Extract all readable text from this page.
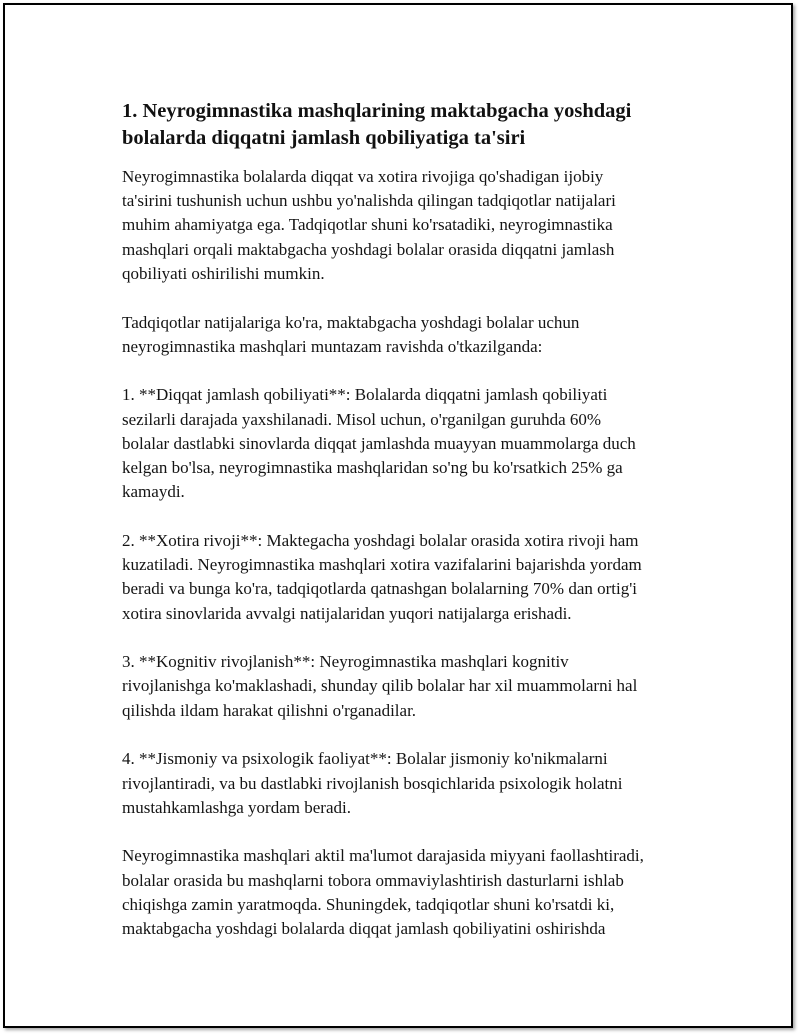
1. Neyrogimnastika mashqlarining maktabgacha yoshdagi
bolalarda diqqatni jamlash qobiliyatiga ta'siri

Neyrogimnastika bolalarda diqqat va xotira rivojiga qo'shadigan ijobiy
ta'sirini tushunish uchun ushbu yo'nalishda qilingan tadqiqotlar natijalari
muhim ahamiyatga ega. Tadqiqotlar shuni ko'rsatadiki, neyrogimnastika
mashqlari orqali maktabgacha yoshdagi bolalar orasida diqqatni jamlash
qobiliyati oshirilishi mumkin.

Tadqiqotlar natijalariga ko'ra, maktabgacha yoshdagi bolalar uchun
neyrogimnastika mashqlari muntazam ravishda o'tkazilganda:

1. **Diqqat jamlash qobiliyati**: Bolalarda diqqatni jamlash qobiliyati
sezilarli darajada yaxshilanadi. Misol uchun, o'rganilgan guruhda 60%
bolalar dastlabki sinovlarda diqqat jamlashda muayyan muammolarga duch
kelgan bo'lsa, neyrogimnastika mashqlaridan so'ng bu ko'rsatkich 25% ga
kamaydi.

2. **Xotira rivoji**: Maktegacha yoshdagi bolalar orasida xotira rivoji ham
kuzatiladi. Neyrogimnastika mashqlari xotira vazifalarini bajarishda yordam
beradi va bunga ko'ra, tadqiqotlarda qatnashgan bolalarning 70% dan ortig'i
xotira sinovlarida avvalgi natijalaridan yuqori natijalarga erishadi.

3. **Kognitiv rivojlanish**: Neyrogimnastika mashqlari kognitiv
rivojlanishga ko'maklashadi, shunday qilib bolalar har xil muammolarni hal
qilishda ildam harakat qilishni o'rganadilar.

4. **Jismoniy va psixologik faoliyat**: Bolalar jismoniy ko'nikmalarni
rivojlantiradi, va bu dastlabki rivojlanish bosqichlarida psixologik holatni
mustahkamlashga yordam beradi.

Neyrogimnastika mashqlari aktil ma'lumot darajasida miyyani faollashtiradi,
bolalar orasida bu mashqlarni tobora ommaviylashtirish dasturlarni ishlab
chiqishga zamin yaratmoqda. Shuningdek, tadqiqotlar shuni ko'rsatdi ki,
maktabgacha yoshdagi bolalarda diqqat jamlash qobiliyatini oshirishda
